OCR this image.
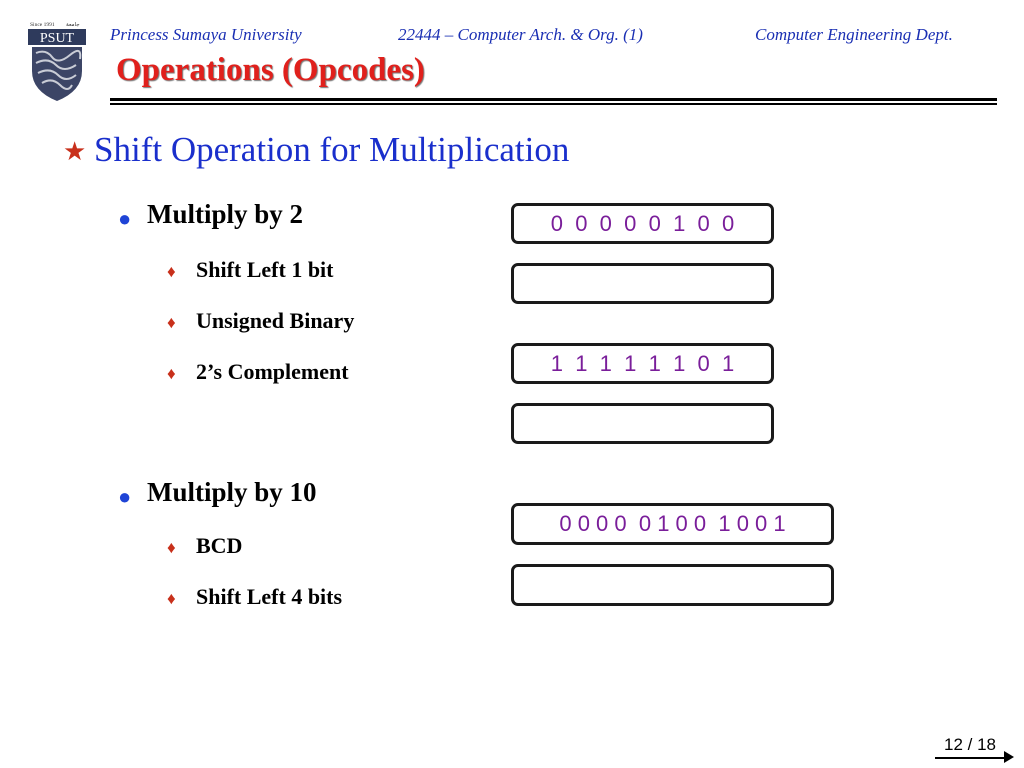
Since 1991 جامعة
PSUT Princess Sumaya University	22444 – Computer Arch. & Org. (1)	Computer Engineering Dept.
Operations (Opcodes)
★ Shift Operation for Multiplication
● Multiply by 2
♦ Shift Left 1 bit
♦ Unsigned Binary
♦ 2’s Complement
● Multiply by 10
♦ BCD
♦ Shift Left 4 bits
0  0  0  0  0  1  0  0
1  1  1  1  1  1  0  1
0 0 0 0  0 1 0 0  1 0 0 1
12 / 18
